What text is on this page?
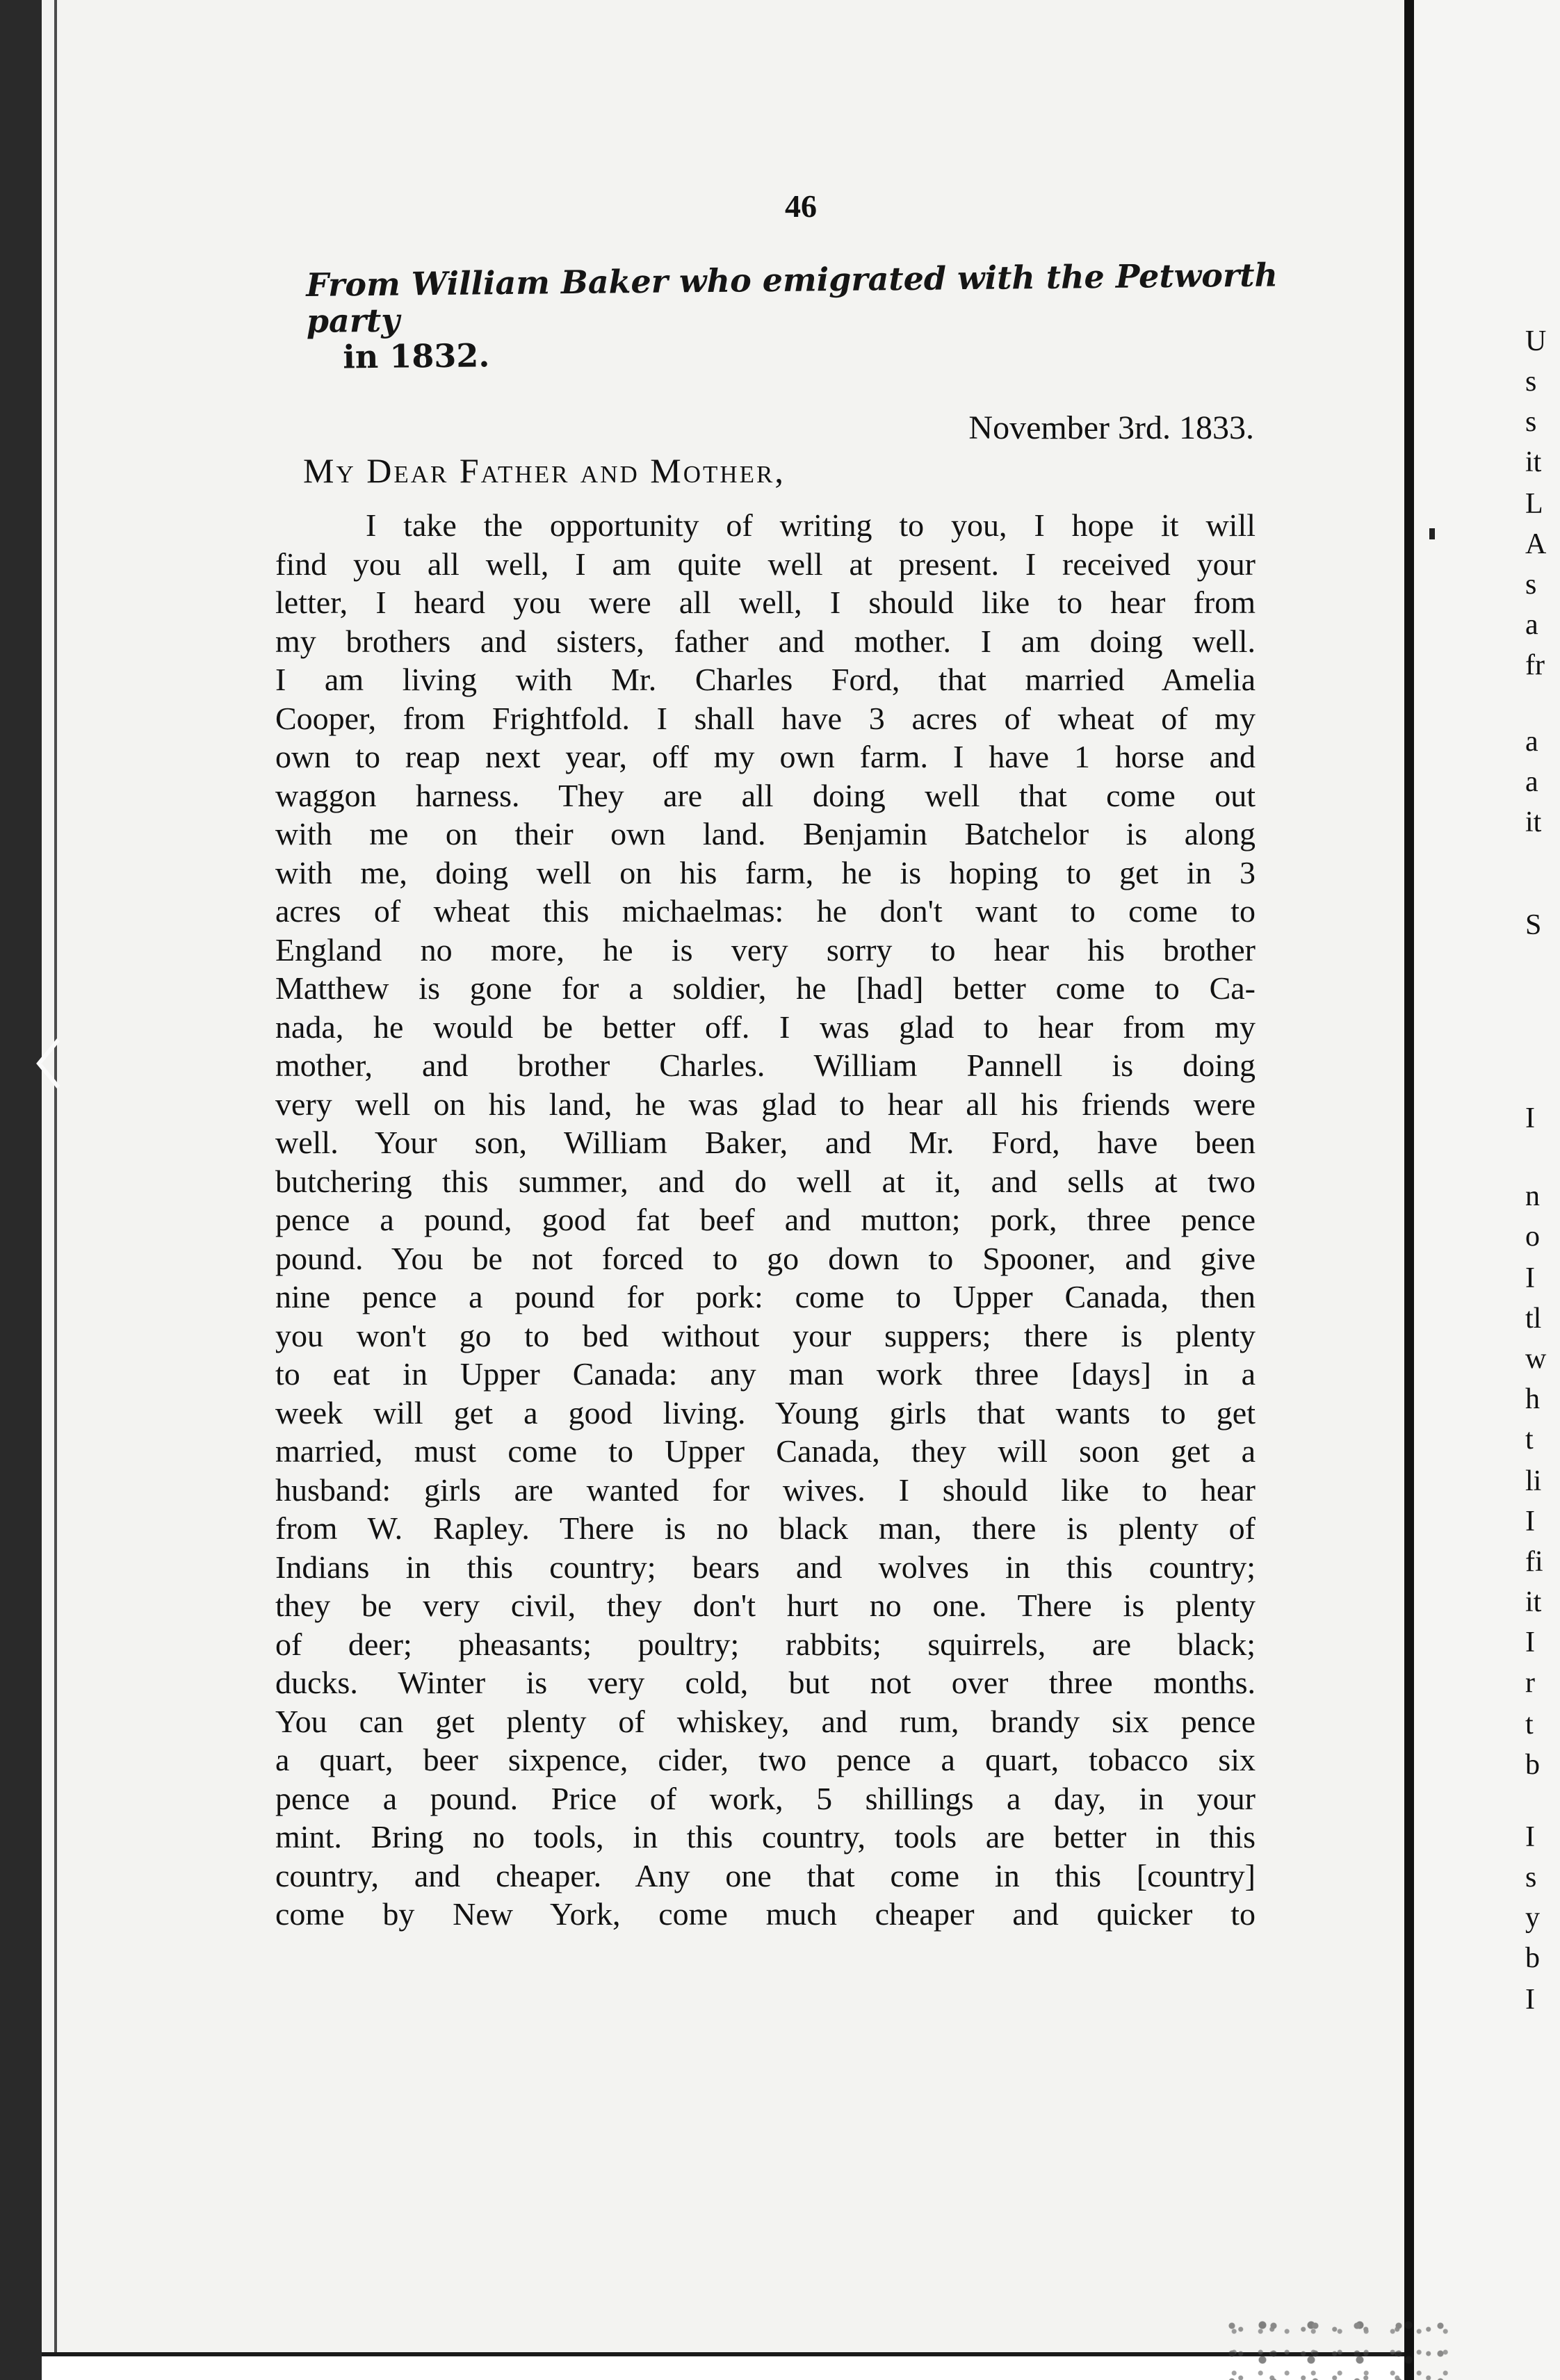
U
s
s
it
L
A
s
a
fr
a
a
it
S
I
n
o
I
tl
w
h
t
li
I
fi
it
I
r
t
b
I
s
y
b
I
46
From William Baker who emigrated with the Petworth party
in 1832.
November 3rd. 1833.
My Dear Father and Mother,
I take the opportunity of writing to you, I hope it will
find you all well, I am quite well at present. I received your
letter, I heard you were all well, I should like to hear from
my brothers and sisters, father and mother. I am doing well.
I am living with Mr. Charles Ford, that married Amelia
Cooper, from Frightfold. I shall have 3 acres of wheat of my
own to reap next year, off my own farm. I have 1 horse and
waggon harness. They are all doing well that come out
with me on their own land. Benjamin Batchelor is along
with me, doing well on his farm, he is hoping to get in 3
acres of wheat this michaelmas: he don't want to come to
England no more, he is very sorry to hear his brother
Matthew is gone for a soldier, he [had] better come to Ca-
nada, he would be better off. I was glad to hear from my
mother, and brother Charles. William Pannell is doing
very well on his land, he was glad to hear all his friends were
well. Your son, William Baker, and Mr. Ford, have been
butchering this summer, and do well at it, and sells at two
pence a pound, good fat beef and mutton; pork, three pence
pound. You be not forced to go down to Spooner, and give
nine pence a pound for pork: come to Upper Canada, then
you won't go to bed without your suppers; there is plenty
to eat in Upper Canada: any man work three [days] in a
week will get a good living. Young girls that wants to get
married, must come to Upper Canada, they will soon get a
husband: girls are wanted for wives. I should like to hear
from W. Rapley. There is no black man, there is plenty of
Indians in this country; bears and wolves in this country;
they be very civil, they don't hurt no one. There is plenty
of deer; pheasants; poultry; rabbits; squirrels, are black;
ducks. Winter is very cold, but not over three months.
You can get plenty of whiskey, and rum, brandy six pence
a quart, beer sixpence, cider, two pence a quart, tobacco six
pence a pound. Price of work, 5 shillings a day, in your
mint. Bring no tools, in this country, tools are better in this
country, and cheaper. Any one that come in this [country]
come by New York, come much cheaper and quicker to
